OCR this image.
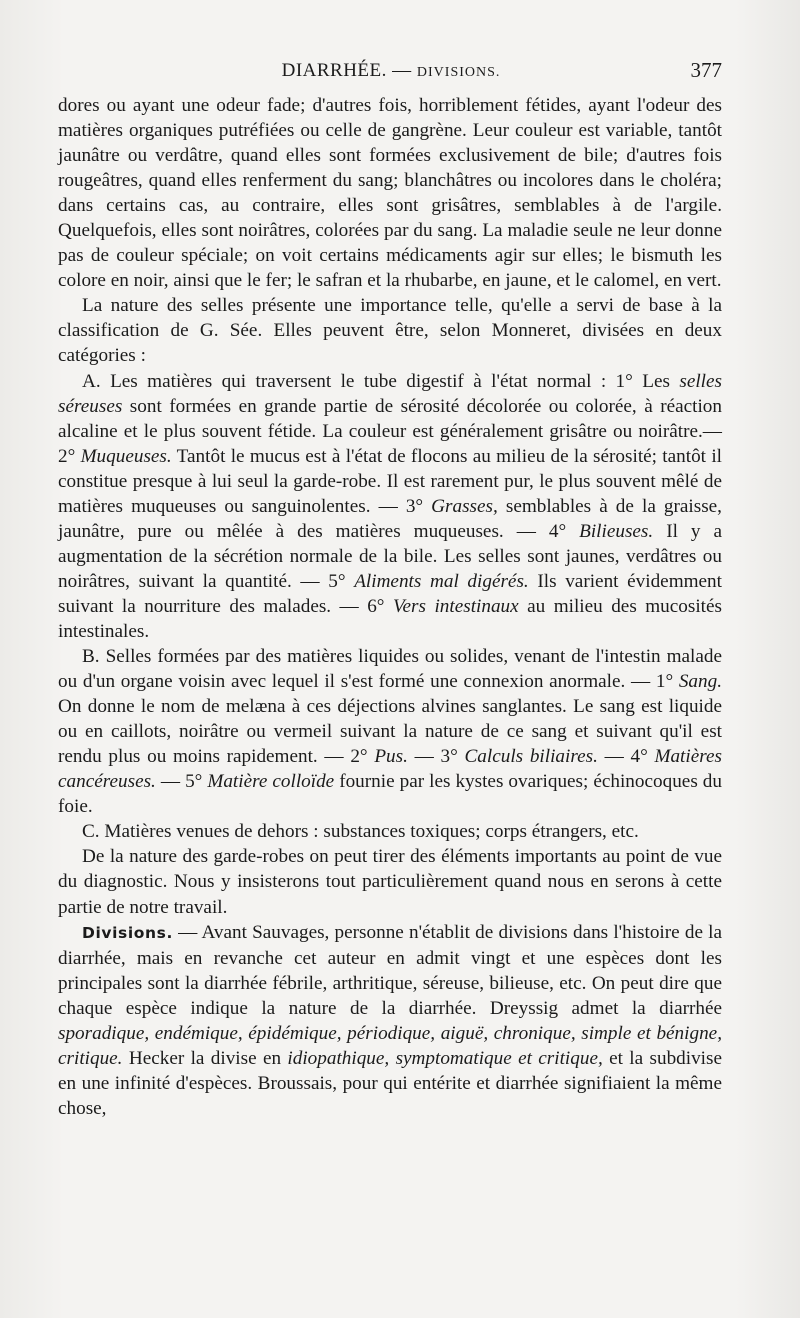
DIARRHÉE. — DIVISIONS.	377

dores ou ayant une odeur fade; d'autres fois, horriblement fétides, ayant l'odeur des matières organiques putréfiées ou celle de gangrène. Leur couleur est variable, tantôt jaunâtre ou verdâtre, quand elles sont formées exclusivement de bile; d'autres fois rougeâtres, quand elles renferment du sang; blanchâtres ou incolores dans le choléra; dans certains cas, au contraire, elles sont grisâtres, semblables à de l'argile. Quelquefois, elles sont noirâtres, colorées par du sang. La maladie seule ne leur donne pas de couleur spéciale; on voit certains médicaments agir sur elles; le bismuth les colore en noir, ainsi que le fer; le safran et la rhubarbe, en jaune, et le calomel, en vert.

La nature des selles présente une importance telle, qu'elle a servi de base à la classification de G. Sée. Elles peuvent être, selon Monneret, divisées en deux catégories :

A. Les matières qui traversent le tube digestif à l'état normal : 1° Les selles séreuses sont formées en grande partie de sérosité décolorée ou colorée, à réaction alcaline et le plus souvent fétide. La couleur est généralement grisâtre ou noirâtre.—2° Muqueuses. Tantôt le mucus est à l'état de flocons au milieu de la sérosité; tantôt il constitue presque à lui seul la garde-robe. Il est rarement pur, le plus souvent mêlé de matières muqueuses ou sanguinolentes. — 3° Grasses, semblables à de la graisse, jaunâtre, pure ou mêlée à des matières muqueuses. — 4° Bilieuses. Il y a augmentation de la sécrétion normale de la bile. Les selles sont jaunes, verdâtres ou noirâtres, suivant la quantité. — 5° Aliments mal digérés. Ils varient évidemment suivant la nourriture des malades. — 6° Vers intestinaux au milieu des mucosités intestinales.

B. Selles formées par des matières liquides ou solides, venant de l'intestin malade ou d'un organe voisin avec lequel il s'est formé une connexion anormale. — 1° Sang. On donne le nom de melæna à ces déjections alvines sanglantes. Le sang est liquide ou en caillots, noirâtre ou vermeil suivant la nature de ce sang et suivant qu'il est rendu plus ou moins rapidement. — 2° Pus. — 3° Calculs biliaires. — 4° Matières cancéreuses. — 5° Matière colloïde fournie par les kystes ovariques; échinocoques du foie.

C. Matières venues de dehors : substances toxiques; corps étrangers, etc.

De la nature des garde-robes on peut tirer des éléments importants au point de vue du diagnostic. Nous y insisterons tout particulièrement quand nous en serons à cette partie de notre travail.

Divisions. — Avant Sauvages, personne n'établit de divisions dans l'histoire de la diarrhée, mais en revanche cet auteur en admit vingt et une espèces dont les principales sont la diarrhée fébrile, arthritique, séreuse, bilieuse, etc. On peut dire que chaque espèce indique la nature de la diarrhée. Dreyssig admet la diarrhée sporadique, endémique, épidémique, périodique, aiguë, chronique, simple et bénigne, critique. Hecker la divise en idiopathique, symptomatique et critique, et la subdivise en une infinité d'espèces. Broussais, pour qui entérite et diarrhée signifiaient la même chose,
